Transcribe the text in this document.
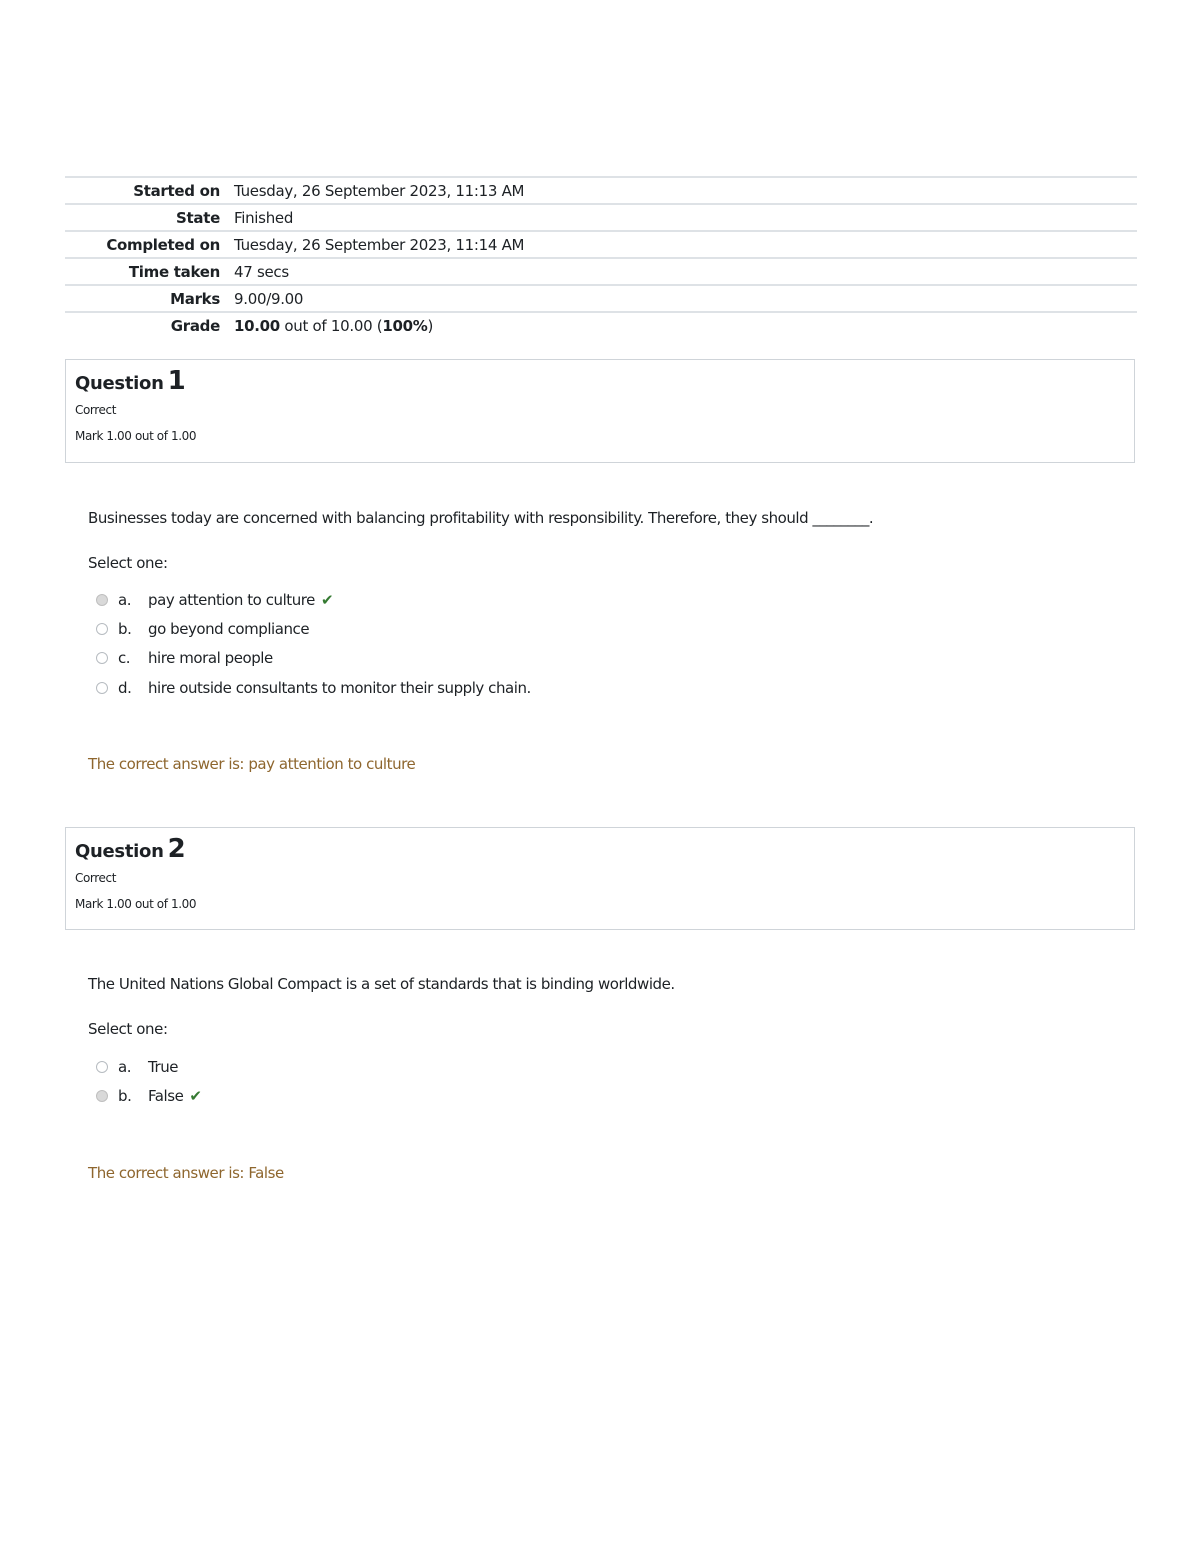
Started on	Tuesday, 26 September 2023, 11:13 AM
State	Finished
Completed on	Tuesday, 26 September 2023, 11:14 AM
Time taken	47 secs
Marks	9.00/9.00
Grade	10.00 out of 10.00 (100%)
Question 1
Correct
Mark 1.00 out of 1.00
Businesses today are concerned with balancing profitability with responsibility. Therefore, they should ________.
Select one:
a.	pay attention to culture ✔
b.	go beyond compliance
c.	hire moral people
d.	hire outside consultants to monitor their supply chain.
The correct answer is: pay attention to culture
Question 2
Correct
Mark 1.00 out of 1.00
The United Nations Global Compact is a set of standards that is binding worldwide.
Select one:
a.	True
b.	False ✔
The correct answer is: False
